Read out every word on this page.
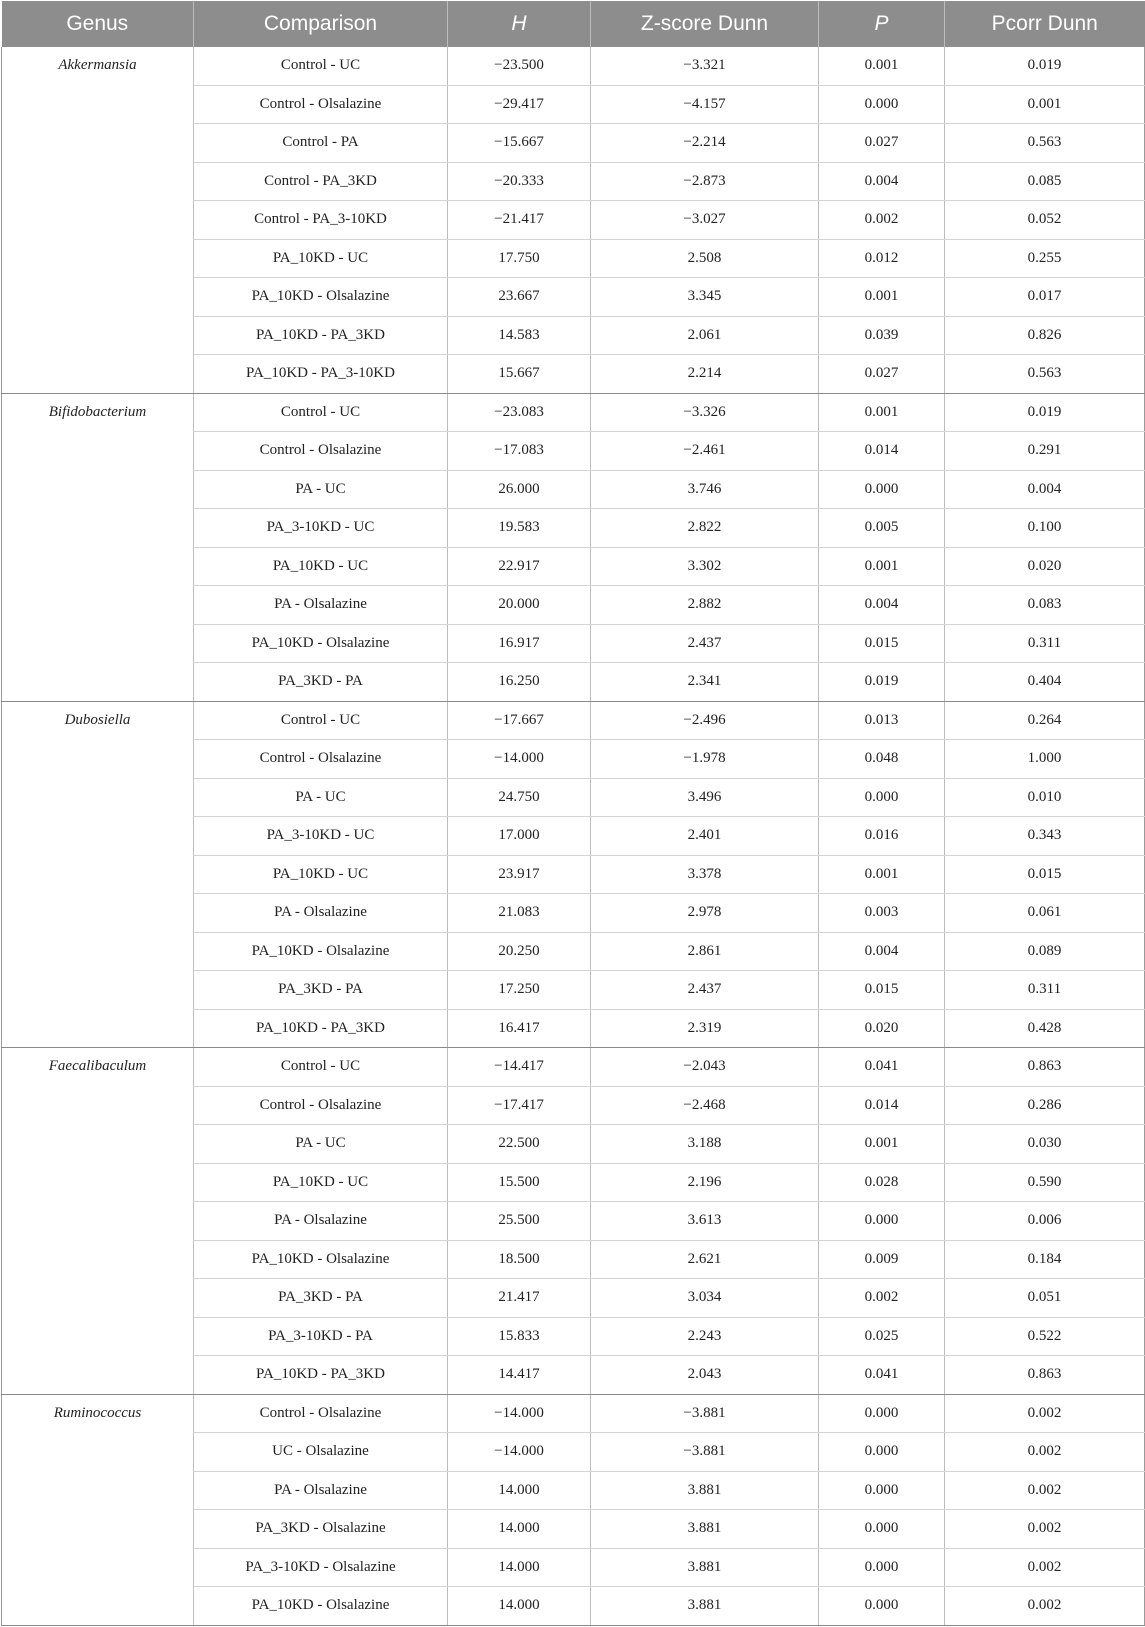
Genus	Comparison	H	Z-score Dunn	P	Pcorr Dunn
Akkermansia	Control - UC	−23.500	−3.321	0.001	0.019
	Control - Olsalazine	−29.417	−4.157	0.000	0.001
	Control - PA	−15.667	−2.214	0.027	0.563
	Control - PA_3KD	−20.333	−2.873	0.004	0.085
	Control - PA_3-10KD	−21.417	−3.027	0.002	0.052
	PA_10KD - UC	17.750	2.508	0.012	0.255
	PA_10KD - Olsalazine	23.667	3.345	0.001	0.017
	PA_10KD - PA_3KD	14.583	2.061	0.039	0.826
	PA_10KD - PA_3-10KD	15.667	2.214	0.027	0.563
Bifidobacterium	Control - UC	−23.083	−3.326	0.001	0.019
	Control - Olsalazine	−17.083	−2.461	0.014	0.291
	PA - UC	26.000	3.746	0.000	0.004
	PA_3-10KD - UC	19.583	2.822	0.005	0.100
	PA_10KD - UC	22.917	3.302	0.001	0.020
	PA - Olsalazine	20.000	2.882	0.004	0.083
	PA_10KD - Olsalazine	16.917	2.437	0.015	0.311
	PA_3KD - PA	16.250	2.341	0.019	0.404
Dubosiella	Control - UC	−17.667	−2.496	0.013	0.264
	Control - Olsalazine	−14.000	−1.978	0.048	1.000
	PA - UC	24.750	3.496	0.000	0.010
	PA_3-10KD - UC	17.000	2.401	0.016	0.343
	PA_10KD - UC	23.917	3.378	0.001	0.015
	PA - Olsalazine	21.083	2.978	0.003	0.061
	PA_10KD - Olsalazine	20.250	2.861	0.004	0.089
	PA_3KD - PA	17.250	2.437	0.015	0.311
	PA_10KD - PA_3KD	16.417	2.319	0.020	0.428
Faecalibaculum	Control - UC	−14.417	−2.043	0.041	0.863
	Control - Olsalazine	−17.417	−2.468	0.014	0.286
	PA - UC	22.500	3.188	0.001	0.030
	PA_10KD - UC	15.500	2.196	0.028	0.590
	PA - Olsalazine	25.500	3.613	0.000	0.006
	PA_10KD - Olsalazine	18.500	2.621	0.009	0.184
	PA_3KD - PA	21.417	3.034	0.002	0.051
	PA_3-10KD - PA	15.833	2.243	0.025	0.522
	PA_10KD - PA_3KD	14.417	2.043	0.041	0.863
Ruminococcus	Control - Olsalazine	−14.000	−3.881	0.000	0.002
	UC - Olsalazine	−14.000	−3.881	0.000	0.002
	PA - Olsalazine	14.000	3.881	0.000	0.002
	PA_3KD - Olsalazine	14.000	3.881	0.000	0.002
	PA_3-10KD - Olsalazine	14.000	3.881	0.000	0.002
	PA_10KD - Olsalazine	14.000	3.881	0.000	0.002
